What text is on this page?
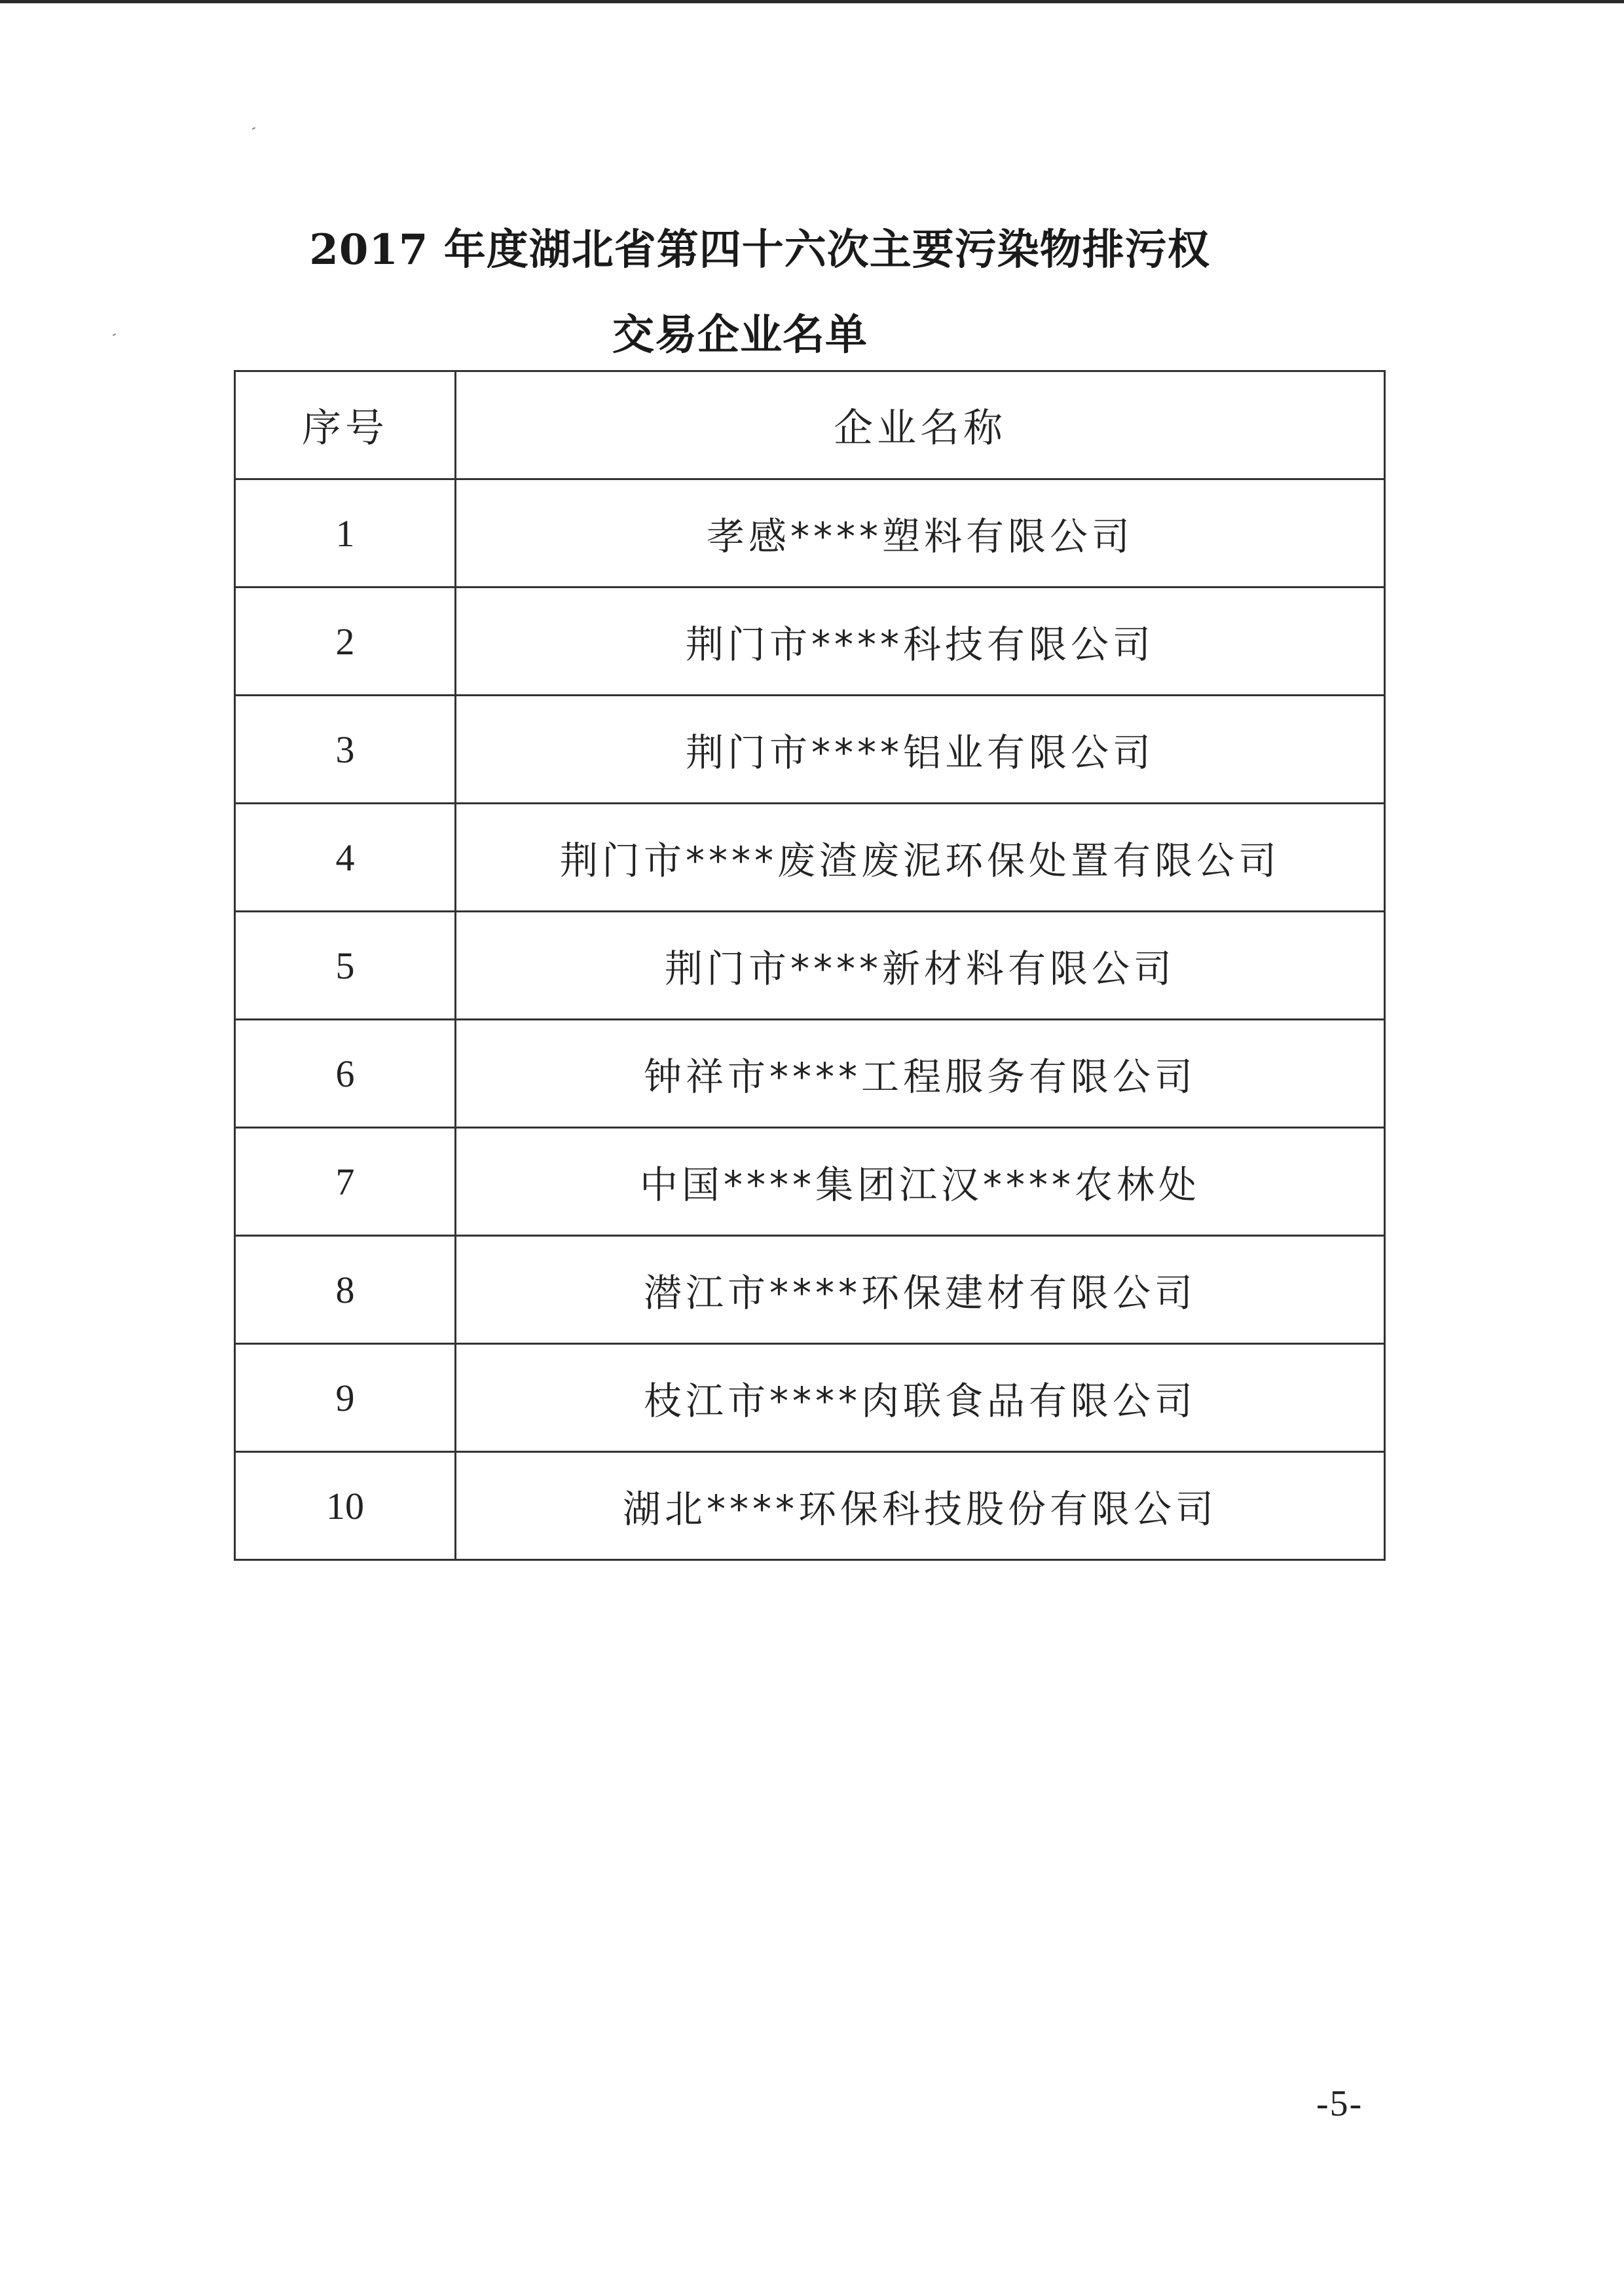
2017 年度湖北省第四十六次主要污染物排污权
交易企业名单
序号	企业名称
1	孝感****塑料有限公司
2	荆门市****科技有限公司
3	荆门市****铝业有限公司
4	荆门市****废渣废泥环保处置有限公司
5	荆门市****新材料有限公司
6	钟祥市****工程服务有限公司
7	中国****集团江汉****农林处
8	潜江市****环保建材有限公司
9	枝江市****肉联食品有限公司
10	湖北****环保科技股份有限公司
-5-
